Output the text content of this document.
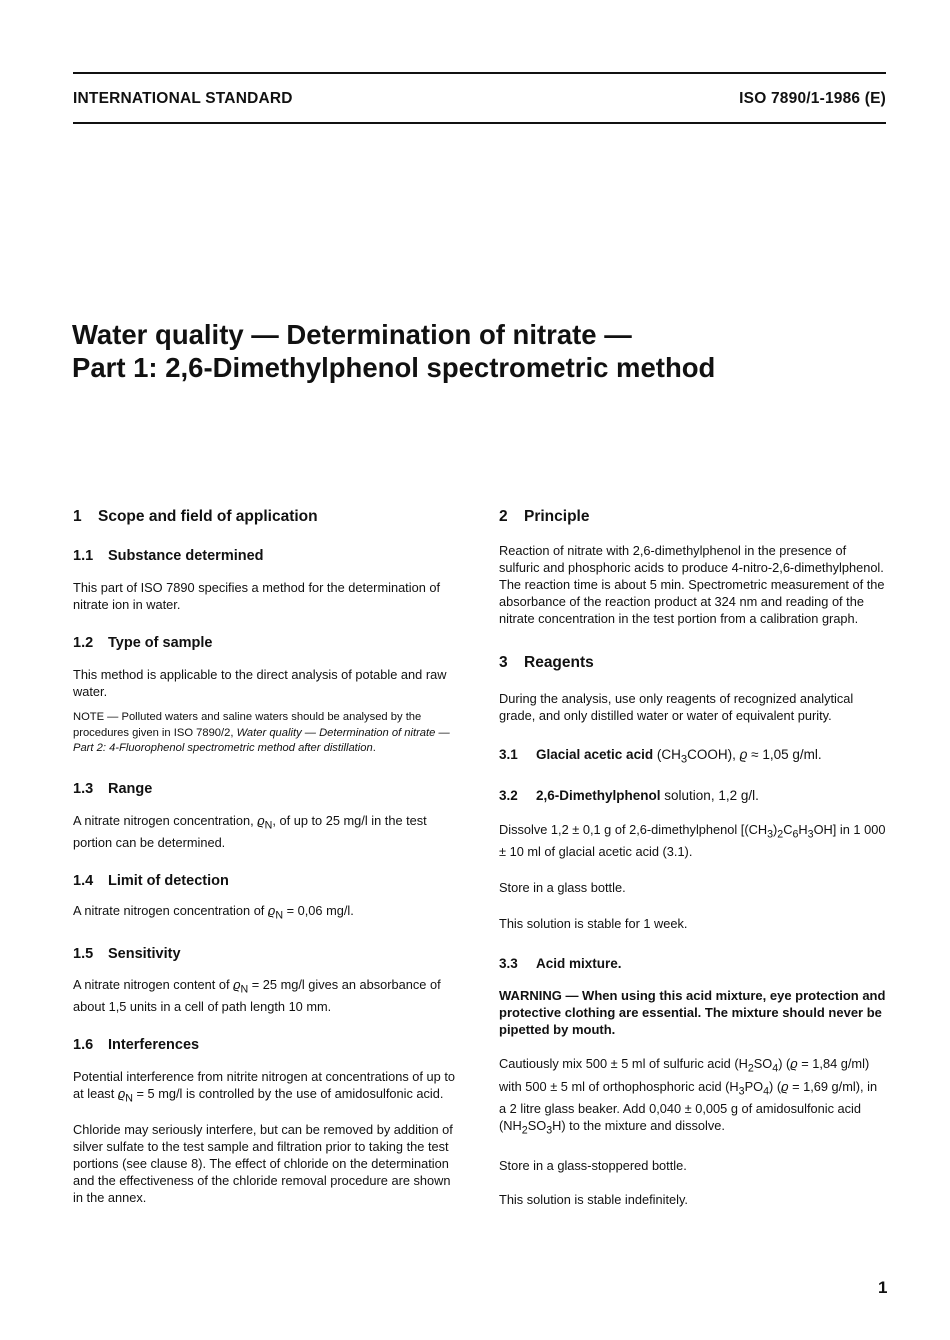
INTERNATIONAL STANDARD	ISO 7890/1-1986 (E)
Water quality — Determination of nitrate —
Part 1: 2,6-Dimethylphenol spectrometric method
1 Scope and field of application
1.1 Substance determined

This part of ISO 7890 specifies a method for the determination of nitrate ion in water.

1.2 Type of sample

This method is applicable to the direct analysis of potable and raw water.

NOTE — Polluted waters and saline waters should be analysed by the procedures given in ISO 7890/2, Water quality — Determination of nitrate — Part 2: 4-Fluorophenol spectrometric method after distillation.

1.3 Range

A nitrate nitrogen concentration, $ϱ_N$, of up to 25 mg/l in the test portion can be determined.

1.4 Limit of detection

A nitrate nitrogen concentration of $ϱ_N = 0,06$ mg/l.

1.5 Sensitivity

A nitrate nitrogen content of $ϱ_N = 25$ mg/l gives an absorbance of about 1,5 units in a cell of path length 10 mm.

1.6 Interferences

Potential interference from nitrite nitrogen at concentrations of up to at least $ϱ_N = 5$ mg/l is controlled by the use of amidosulfonic acid.

Chloride may seriously interfere, but can be removed by addition of silver sulfate to the test sample and filtration prior to taking the test portions (see clause 8). The effect of chloride on the determination and the effectiveness of the chloride removal procedure are shown in the annex.

2 Principle

Reaction of nitrate with 2,6-dimethylphenol in the presence of sulfuric and phosphoric acids to produce 4-nitro-2,6-dimethylphenol. The reaction time is about 5 min. Spectrometric measurement of the absorbance of the reaction product at 324 nm and reading of the nitrate concentration in the test portion from a calibration graph.

3 Reagents

During the analysis, use only reagents of recognized analytical grade, and only distilled water or water of equivalent purity.

3.1 Glacial acetic acid $(CH_3COOH)$, ϱ ≈ 1,05 g/ml.
3.2 2,6-Dimethylphenol solution, 1,2 g/l.

Dissolve 1,2 ± 0,1 g of 2,6-dimethylphenol $[(CH_3)_2C_6H_3OH]$ in 1 000 ± 10 ml of glacial acetic acid (3.1).

Store in a glass bottle.

This solution is stable for 1 week.

3.3 Acid mixture.

WARNING — When using this acid mixture, eye protection and protective clothing are essential. The mixture should never be pipetted by mouth.

Cautiously mix 500 ± 5 ml of sulfuric acid $(H_2SO_4) (ϱ = 1,84$ g/ml) with 500 ± 5 ml of orthophosphoric acid $(H_3PO_4) (ϱ = 1,69$ g/ml), in a 2 litre glass beaker. Add 0,040 ± 0,005 g of amidosulfonic acid $(NH_2SO_3H)$ to the mixture and dissolve.

Store in a glass-stoppered bottle.

This solution is stable indefinitely.

1
